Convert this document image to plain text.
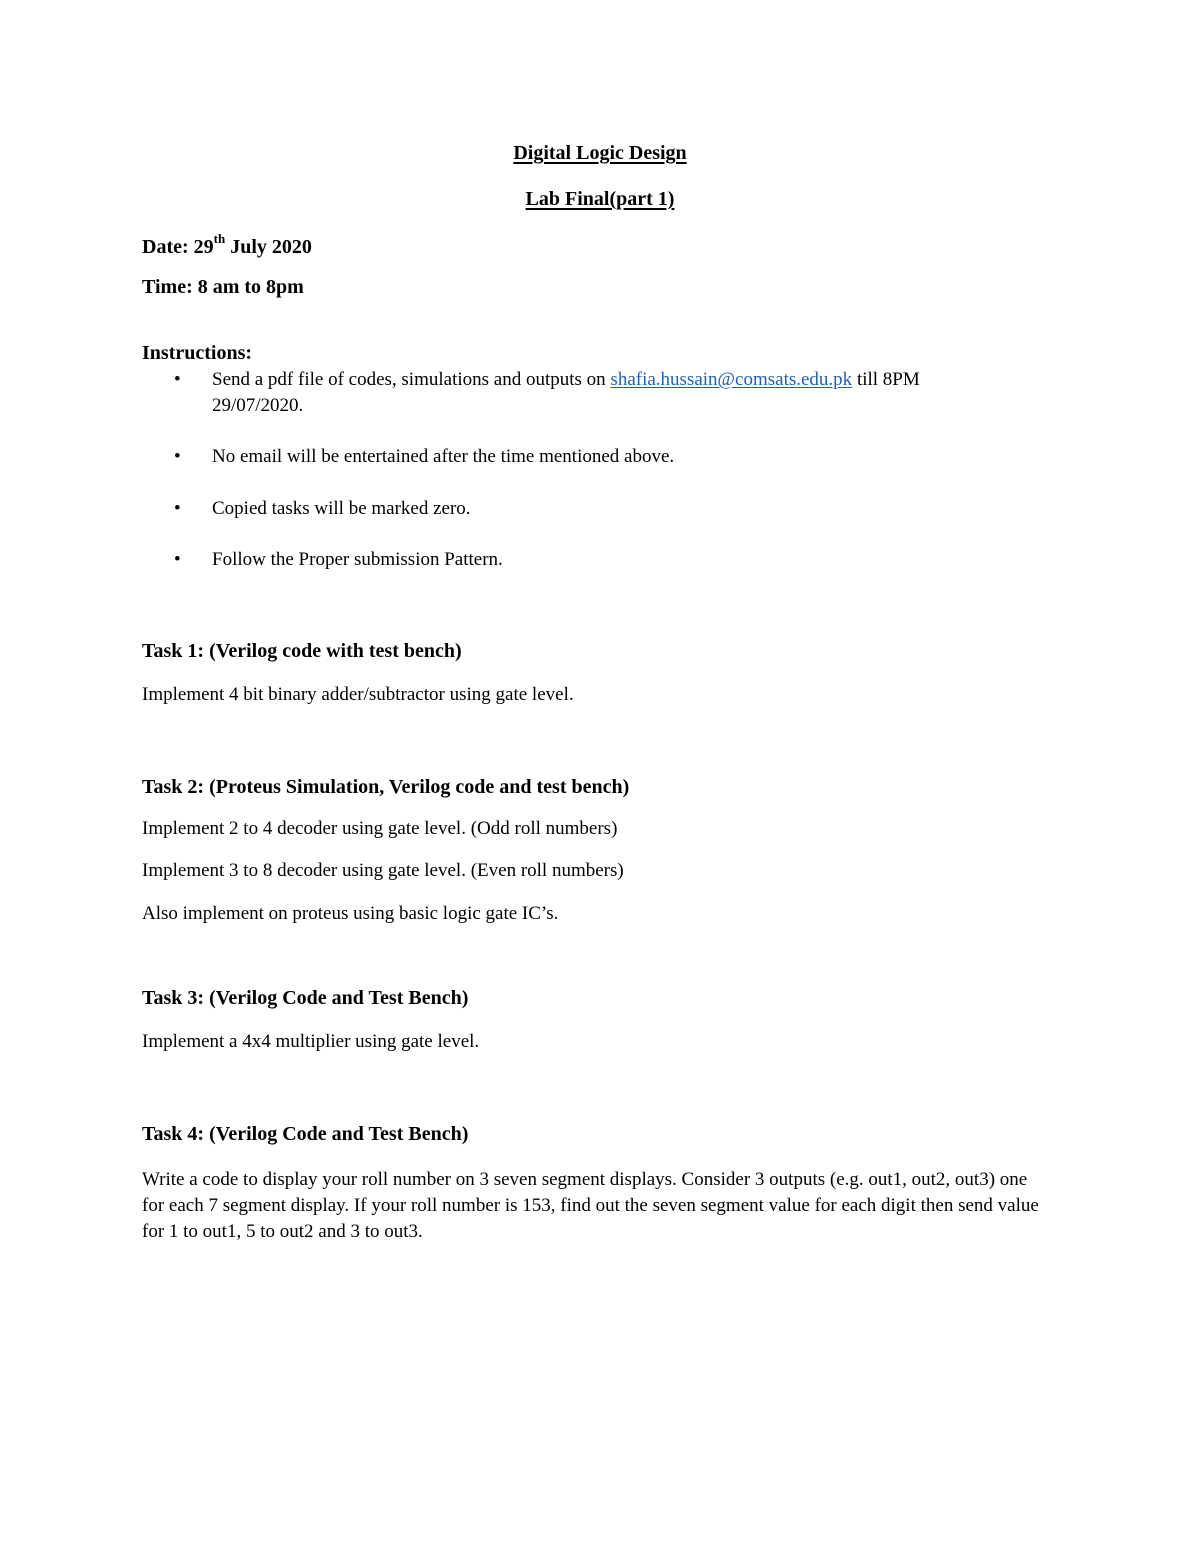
Digital Logic Design
Lab Final(part 1)
Date: 29th July 2020
Time: 8 am to 8pm
Instructions:
• Send a pdf file of codes, simulations and outputs on shafia.hussain@comsats.edu.pk till 8PM
29/07/2020.
• No email will be entertained after the time mentioned above.
• Copied tasks will be marked zero.
• Follow the Proper submission Pattern.
Task 1: (Verilog code with test bench)
Implement 4 bit binary adder/subtractor using gate level.
Task 2: (Proteus Simulation, Verilog code and test bench)
Implement 2 to 4 decoder using gate level. (Odd roll numbers)
Implement 3 to 8 decoder using gate level. (Even roll numbers)
Also implement on proteus using basic logic gate IC’s.
Task 3: (Verilog Code and Test Bench)
Implement a 4x4 multiplier using gate level.
Task 4: (Verilog Code and Test Bench)

Write a code to display your roll number on 3 seven segment displays. Consider 3 outputs (e.g. out1, out2, out3) one for each 7 segment display. If your roll number is 153, find out the seven segment value for each digit then send value for 1 to out1, 5 to out2 and 3 to out3.
